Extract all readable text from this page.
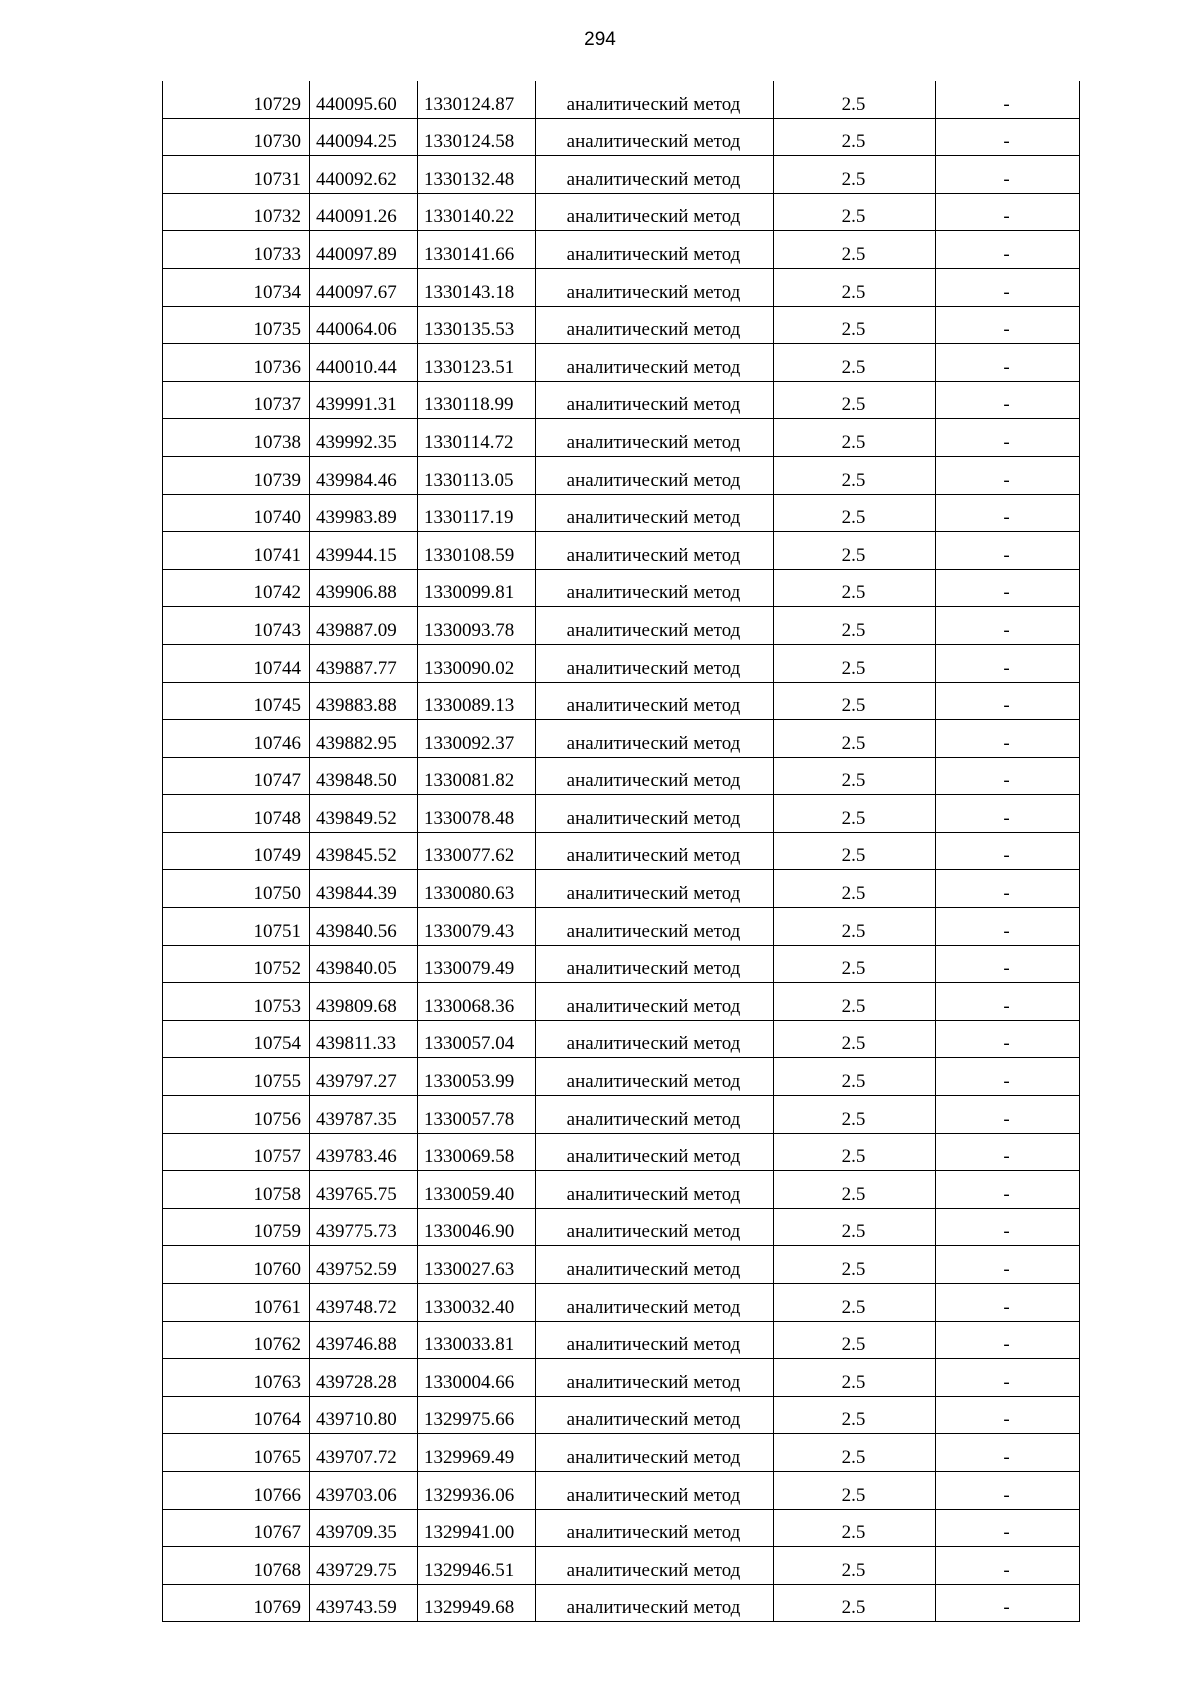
294
10729	440095.60	1330124.87	аналитический метод	2.5	-
10730	440094.25	1330124.58	аналитический метод	2.5	-
10731	440092.62	1330132.48	аналитический метод	2.5	-
10732	440091.26	1330140.22	аналитический метод	2.5	-
10733	440097.89	1330141.66	аналитический метод	2.5	-
10734	440097.67	1330143.18	аналитический метод	2.5	-
10735	440064.06	1330135.53	аналитический метод	2.5	-
10736	440010.44	1330123.51	аналитический метод	2.5	-
10737	439991.31	1330118.99	аналитический метод	2.5	-
10738	439992.35	1330114.72	аналитический метод	2.5	-
10739	439984.46	1330113.05	аналитический метод	2.5	-
10740	439983.89	1330117.19	аналитический метод	2.5	-
10741	439944.15	1330108.59	аналитический метод	2.5	-
10742	439906.88	1330099.81	аналитический метод	2.5	-
10743	439887.09	1330093.78	аналитический метод	2.5	-
10744	439887.77	1330090.02	аналитический метод	2.5	-
10745	439883.88	1330089.13	аналитический метод	2.5	-
10746	439882.95	1330092.37	аналитический метод	2.5	-
10747	439848.50	1330081.82	аналитический метод	2.5	-
10748	439849.52	1330078.48	аналитический метод	2.5	-
10749	439845.52	1330077.62	аналитический метод	2.5	-
10750	439844.39	1330080.63	аналитический метод	2.5	-
10751	439840.56	1330079.43	аналитический метод	2.5	-
10752	439840.05	1330079.49	аналитический метод	2.5	-
10753	439809.68	1330068.36	аналитический метод	2.5	-
10754	439811.33	1330057.04	аналитический метод	2.5	-
10755	439797.27	1330053.99	аналитический метод	2.5	-
10756	439787.35	1330057.78	аналитический метод	2.5	-
10757	439783.46	1330069.58	аналитический метод	2.5	-
10758	439765.75	1330059.40	аналитический метод	2.5	-
10759	439775.73	1330046.90	аналитический метод	2.5	-
10760	439752.59	1330027.63	аналитический метод	2.5	-
10761	439748.72	1330032.40	аналитический метод	2.5	-
10762	439746.88	1330033.81	аналитический метод	2.5	-
10763	439728.28	1330004.66	аналитический метод	2.5	-
10764	439710.80	1329975.66	аналитический метод	2.5	-
10765	439707.72	1329969.49	аналитический метод	2.5	-
10766	439703.06	1329936.06	аналитический метод	2.5	-
10767	439709.35	1329941.00	аналитический метод	2.5	-
10768	439729.75	1329946.51	аналитический метод	2.5	-
10769	439743.59	1329949.68	аналитический метод	2.5	-
